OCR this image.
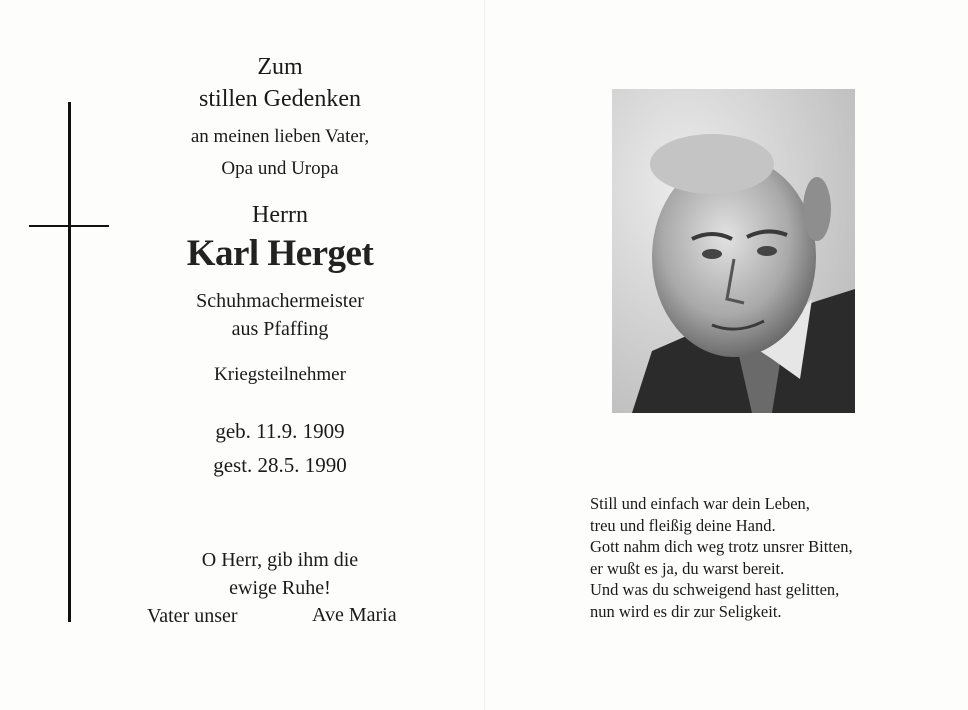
Zum
stillen Gedenken
an meinen lieben Vater,
Opa und Uropa
Herrn
Karl Herget
Schuhmachermeister
aus Pfaffing
Kriegsteilnehmer
geb. 11.9. 1909
gest. 28.5. 1990
O Herr, gib ihm die
ewige Ruhe!
Vater unser	Ave Maria
Still und einfach war dein Leben,
treu und fleißig deine Hand.
Gott nahm dich weg trotz unsrer Bitten,
er wußt es ja, du warst bereit.
Und was du schweigend hast gelitten,
nun wird es dir zur Seligkeit.
